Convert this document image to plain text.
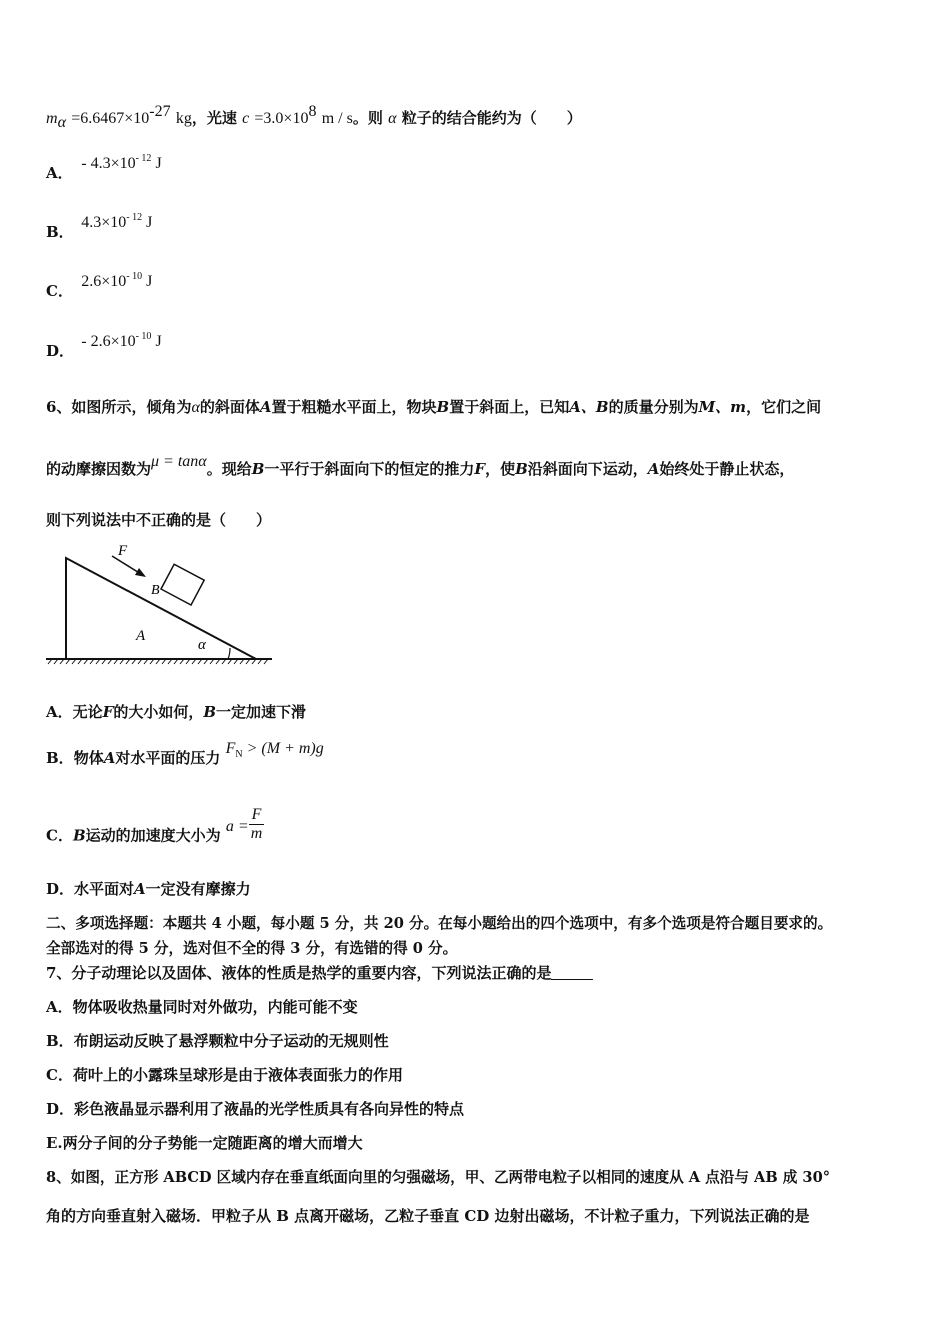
$m_\alpha =6.6467\times 10^{-27}$ kg，光速 $c =3.0\times 10^8$ m / s。则 α 粒子的结合能约为（　　）
A． - $4.3\times 10^{- 12}$ J
B． $4.3\times 10^{- 12}$ J
C． $2.6\times 10^{- 10}$ J
D． - $2.6\times 10^{- 10}$ J
6、如图所示，倾角为α的斜面体A置于粗糙水平面上，物块B置于斜面上，已知A、B的质量分别为M、m，它们之间
的动摩擦因数为μ = tanα。现给B一平行于斜面向下的恒定的推力F，使B沿斜面向下运动，A始终处于静止状态，
则下列说法中不正确的是（　　）
F
B
A
α
A．无论F的大小如何，B一定加速下滑
B．物体A对水平面的压力 $F_N > (M + m)g$
C．B运动的加速度大小为 $a = \frac{F}{m}$
D．水平面对A一定没有摩擦力
二、多项选择题：本题共 4 小题，每小题 5 分，共 20 分。在每小题给出的四个选项中，有多个选项是符合题目要求的。
全部选对的得 5 分，选对但不全的得 3 分，有选错的得 0 分。
7、分子动理论以及固体、液体的性质是热学的重要内容，下列说法正确的是
A．物体吸收热量同时对外做功，内能可能不变
B．布朗运动反映了悬浮颗粒中分子运动的无规则性
C．荷叶上的小露珠呈球形是由于液体表面张力的作用
D．彩色液晶显示器利用了液晶的光学性质具有各向异性的特点
E.两分子间的分子势能一定随距离的增大而增大
8、如图，正方形 ABCD 区域内存在垂直纸面向里的匀强磁场，甲、乙两带电粒子以相同的速度从 A 点沿与 AB 成 30°
角的方向垂直射入磁场．甲粒子从 B 点离开磁场，乙粒子垂直 CD 边射出磁场，不计粒子重力，下列说法正确的是
